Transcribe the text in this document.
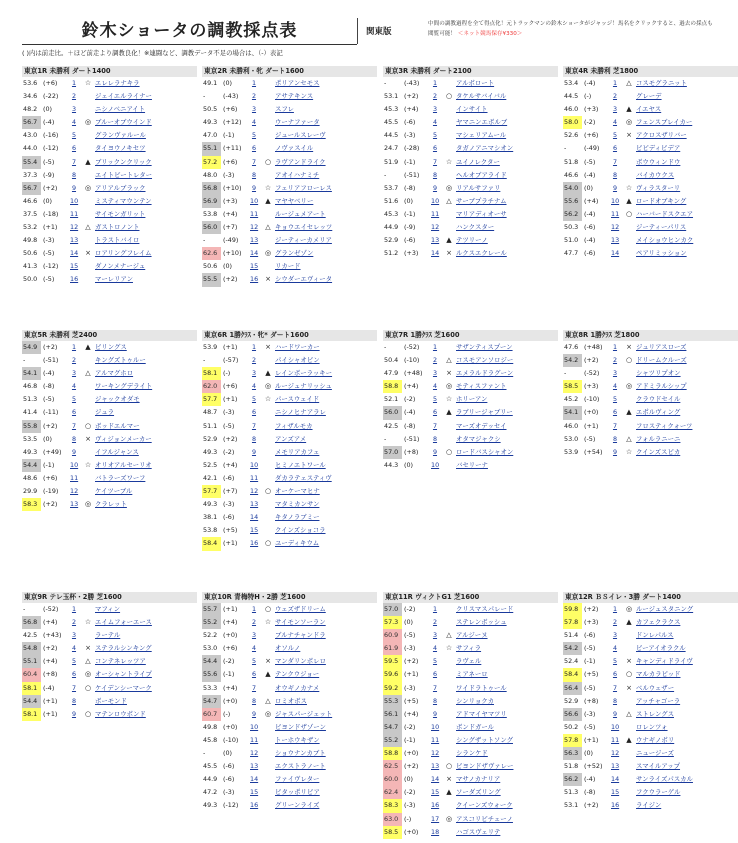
鈴木ショータの調教採点表	関東版
中間の調教過程を全て得点化！元トラックマンの鈴木ショータがジャッジ！馬名をクリックすると、過去の採点も閲覧可能！ ＜ネット競馬保存¥330＞
( )内は前走比。＋ほど前走より調教良化！※連闘など、調教データ不足の場合は、（-）表記
東京1R 未勝利 ダート1400
53.6 (+6)	1 ☆ エレレラナキラ
34.6 (-22)	2	ジェイエルライナー
48.2 (0)	3	ニシノベニアイト
56.7 (-4)	4 ◎ ブルーオブウインド
43.0 (-16)	5	グランヴァルール
44.0 (-12)	6	タイヨウノキセツ
55.4 (-5)	7	▲ ブリックンクリック
37.3 (-9)	8	エイトビートレター
56.7 (+2)	9 ◎ アリアルブラック
46.6 (0)	10	ミスティマウンテン
37.5 (-18) 11	サイモンガリット
53.2 (+1) 12	△ ガストロノント
49.8 (-3) 13	トラストバイロ
50.6 (-5) 14 × ロアリングフレイム
41.3 (-12) 15	ダノンメナージュ
50.0 (-5) 16	マーレリアン
東京2R 未勝利・牝 ダート1600
49.1 (0)	1	ポリアンセモス
-	(-43)	2	アサテキンス
50.5 (+6)	3	スフレ
49.3 (+12)	4	ウーナファータ
47.0 (-1)	5	ジュールスレーヴ
55.1 (+11)	6	ノヴァスイル
57.2 (+6)	7 ○ ラヴアンドライク
48.0 (-3)	8	アオイハナミチ
56.8 (+10)	9 ☆ フェリアフローレス
56.9 (+3) 10	▲ マヤヤベリー
53.8 (+4) 11	ルージュメアート
56.0 (+7) 12	△ キョウエイセレッツ
-	(-49) 13	ジーティーカメリア
62.6 (+10) 14 ◎ グランゼゾン
50.6 (0)	15	リカード
55.5 (+2) 16 × シウダーエヴィータ
東京3R 未勝利 ダート2100
-	(-43)	1	アルボロート
53.1 (+2)	2 ○ タケルサバイバル
45.3 (+4)	3	インサイト
45.5 (-6)	4	ヤマニンエボルブ
44.5 (-3)	5	マシェリアムール
24.7 (-28)	6	タガノアニマシオン
51.9 (-1)	7 ☆ ユイノレクター
-	(-51)	8	ヘルオブアライド
53.7 (-8)	9 ◎ リアルサファリ
51.6 (0)	10	△ サーブプラチナム
45.3 (-1) 11	マリアディオーサ
44.9 (-9) 12	ハンクスター
52.9 (-6) 13	▲ テツリーノ
51.2 (+3) 14 × ルクスエクレール
東京4R 未勝利 芝1800
53.4 (-4)	1	△ コスモグラニット
44.5 (-)	2	グレーデ
46.0 (+3)	3	▲ イエヤス
58.0 (-2)	4 ◎ フェンスブレイカー
52.6 (+6)	5 × アクロスザリバー
-	(-49)	6	ピピディピデア
51.8 (-5)	7	ボウウィンドウ
46.6 (-4)	8	バイカウクス
54.0 (0)	9 ☆ ヴィラスターリ
55.6 (+4) 10	▲ ロードオブキング
56.2 (-4) 11 ○ ハーバードスクエア
50.3 (-6) 12	ジーティーパリス
51.0 (-4) 13	メイショウヒンカク
47.7 (-6) 14	ペアリミッション
東京5R 未勝利 芝2400
54.9 (+2)	1	▲ ビリングス
-	(-51)	2	キングズトゥルー
54.1 (-4)	3	△ アルマグホロ
46.8 (-8)	4	ワーキングデライト
51.3 (-5)	5	ジャックオダモ
41.4 (-11)	6	ジュラ
55.8 (+2)	7 ○ ボッドエルマー
53.5 (0)	8 × ヴィジョンメーカー
49.3 (+49)	9	イフルジャンス
54.4 (-1) 10 ☆ オリオアルセーリオ
48.6 (+6) 11	バトラーズワーフ
29.9 (-19) 12	ケイツーブル
58.3 (+2) 13 ◎ クラレット
東京6R 1勝ｸﾗｽ・牝* ダート1600
53.9 (+1)	1 × ハードワーカー
-	(-57)	2	パイシャオビン
58.1 (-)	3	▲ レインボーラッキー
62.0 (+6)	4 ◎ ルージュナリッシュ
57.7 (+1)	5 ☆ パースウェイド
48.7 (-3)	6	ニシノヒナアラレ
51.1 (-5)	7	フィザルモカ
52.9 (+2)	8	アンズアメ
49.3 (-2)	9	メモリアカフェ
52.5 (+4) 10	ヒミノエトワール
42.1 (-6) 11	ダカラテェスティヴ
57.7 (+7) 12 ○ オーケーマヒナ
49.3 (-3) 13	マタミカンサン
38.1 (-6) 14	キタノラブミー
53.8 (+5) 15	クインズショコラ
58.4 (+1) 16 ○ ユーディキウム
東京7R 1勝ｸﾗｽ 芝1600
-	(-52)	1	サザンティスプーン
50.4 (-10)	2	△ コスモアンソロジー
47.9 (+48)	3 × エメラルドラグーン
58.8 (+4)	4 ◎ モティスファント
52.1 (-2)	5 ☆ ホリーアン
56.0 (-4)	6	▲ ラブリージャブリー
42.5 (-8)	7	マーズオデッセイ
-	(-51)	8	オタマジャクシ
57.0 (+8)	9 ○ ロードバスシャオン
44.3 (0)	10	バセリーナ
東京8R 1勝ｸﾗｽ 芝1800
47.6 (+48)	1 × ジュリアスローズ
54.2 (+2)	2 ○ ドリームクルーズ
-	(-52)	3	シャツリプオン
58.5 (+3)	4 ◎ アドミラルシップ
45.2 (-10)	5	クラウドセイル
54.1 (+0)	6	▲ エポルヴィング
46.0 (+1)	7	フロスティクォーツ
53.0 (-5)	8	△ フォルラニーニ
53.9 (+54)	9 ☆ クインズスピカ
東京9R テレ玉杯・2勝 芝1600
-	(-52)	1	マフィン
56.8 (+4)	2 ☆ エイムフォーエース
42.5 (+43)	3	ラーテル
54.8 (+2)	4 × ステラルシンキング
55.1 (+4)	5	△ コンテネレッツア
60.4 (+8)	6 ◎ オーシャントライプ
58.1 (-4)	7 ○ ケイデンシーマーク
54.4 (+1)	8	ボーモンド
58.1 (+1)	9 ○ マテンロウボンド
東京10R 青梅特H・2勝 芝1600
55.7 (+1)	1 ○ ウェズザドリーム
55.2 (+4)	2 ☆ サイモンソーラン
52.2 (+0)	3	ブルナチャンドラ
53.0 (+6)	4	オソルノ
54.4 (-2)	5 × マンダリンボレロ
55.6 (-1)	6	▲ テンクウジョー
53.3 (+4)	7	オウギノカナメ
54.7 (+0)	8	△ ロミオボス
60.7 (-)	9 ◎ ジャスパージェット
49.8 (+0) 10	ビヨンドザゾーン
45.8 (-10) 11	トーホウキザン
-	(0)	12	ショウナンカブト
45.5 (-6) 13	エクストラノート
44.9 (-6) 14	ファイヴレター
47.2 (-3) 15	ピタッポリピア
49.3 (-12) 16	グリーンライズ
東京11R ヴィクトG1 芝1600
57.0 (-2)	1	クリスマスパレード
57.3 (0)	2	ステレンボッシュ
60.9 (-5)	3	△ アルジーヌ
61.9 (-3)	4 ☆ サフィラ
59.5 (+2)	5	ラヴェル
59.6 (+1)	6	ミアネーロ
59.2 (-3)	7	ワイドラトゥール
55.3 (+5)	8	シンリョクカ
56.1 (+4)	9	アドマイヤマツリ
54.7 (-2) 10	ボンドガール
55.2 (-1) 11	シングザットソング
58.8 (+0) 12	シランケド
62.5 (+2) 13 ○ ビヨンドザヴァレー
60.0 (0)	14 × マサノカナリア
62.4 (-2) 15	▲ ソーダズリング
58.3 (-3) 16	クイーンズウォーク
63.0 (-)	17 ◎ アスコリピチェーノ
58.5 (+0) 18	ハゴスヴェリテ
東京12R ＢＳイレ・3勝 ダート1400
59.8 (+2)	1 ◎ ルージュスタニング
57.8 (+3)	2	▲ カフェクラクス
51.4 (-6)	3	ドンレパルス
54.2 (-5)	4	ビーアイオラクル
52.4 (-1)	5 × キャンディドライヴ
58.4 (+5)	6 ○ マルカラピッド
56.4 (-5)	7 × ベルウェザー
52.9 (+8)	8	アッチャゴーラ
56.6 (-3)	9	△ ストレングス
50.2 (-5) 10	ロレンツォ
57.8 (+1) 11	▲ ウナギノボリ
56.3 (0)	12	ニュージーズ
51.8 (+52) 13	スマイルアップ
56.2 (-4) 14	サンライズパスカル
51.3 (-8) 15	フクウラーゲル
53.1 (+2) 16	ライジン
